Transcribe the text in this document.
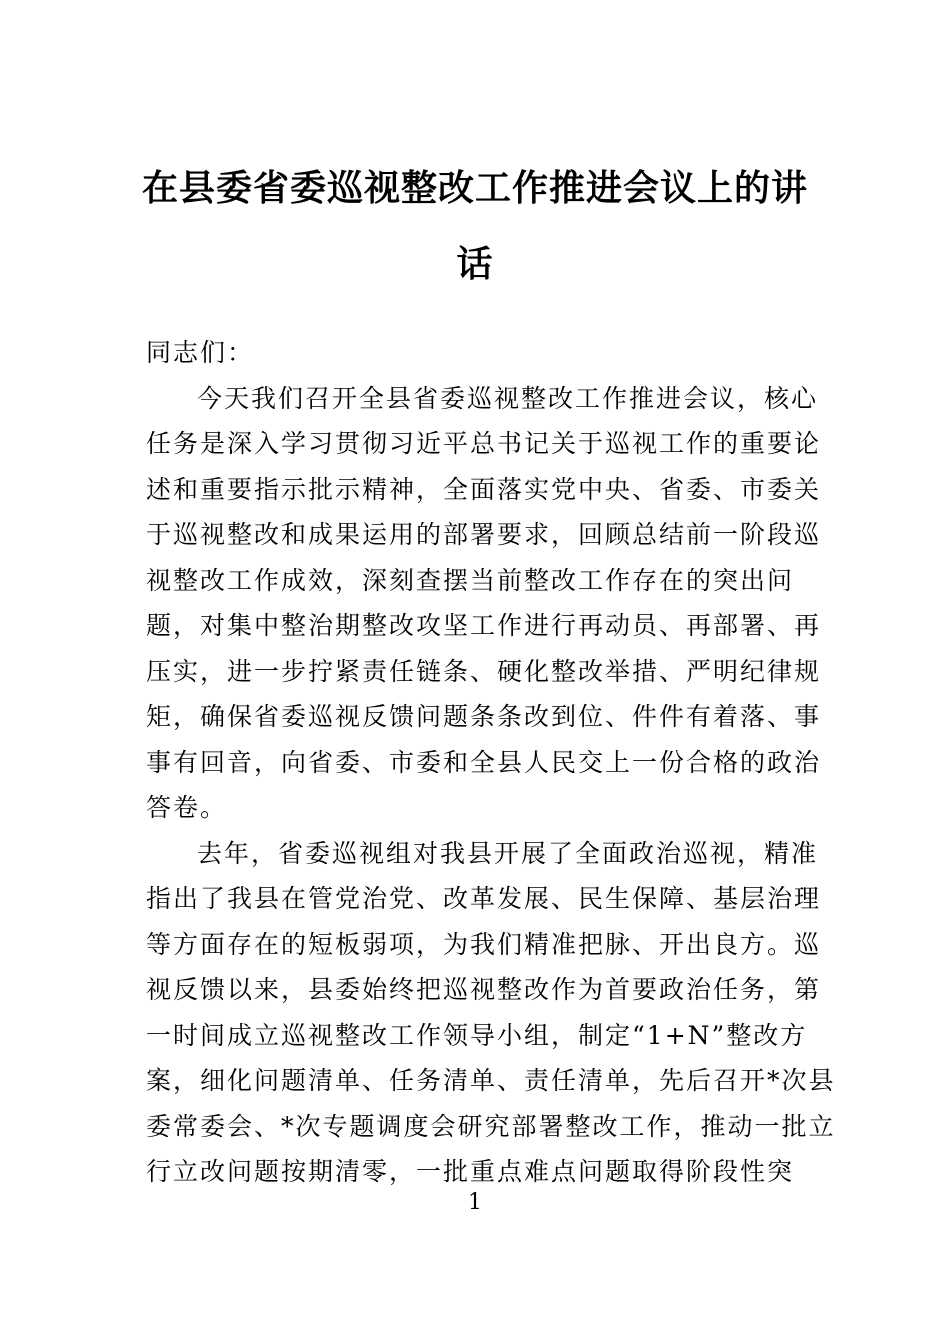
在县委省委巡视整改工作推进会议上的讲
话
同志们：
今天我们召开全县省委巡视整改工作推进会议，核心
任务是深入学习贯彻习近平总书记关于巡视工作的重要论
述和重要指示批示精神，全面落实党中央、省委、市委关
于巡视整改和成果运用的部署要求，回顾总结前一阶段巡
视整改工作成效，深刻查摆当前整改工作存在的突出问
题，对集中整治期整改攻坚工作进行再动员、再部署、再
压实，进一步拧紧责任链条、硬化整改举措、严明纪律规
矩，确保省委巡视反馈问题条条改到位、件件有着落、事
事有回音，向省委、市委和全县人民交上一份合格的政治
答卷。
去年，省委巡视组对我县开展了全面政治巡视，精准
指出了我县在管党治党、改革发展、民生保障、基层治理
等方面存在的短板弱项，为我们精准把脉、开出良方。巡
视反馈以来，县委始终把巡视整改作为首要政治任务，第
一时间成立巡视整改工作领导小组，制定“1+N”整改方
案，细化问题清单、任务清单、责任清单，先后召开*次县
委常委会、*次专题调度会研究部署整改工作，推动一批立
行立改问题按期清零，一批重点难点问题取得阶段性突
1
